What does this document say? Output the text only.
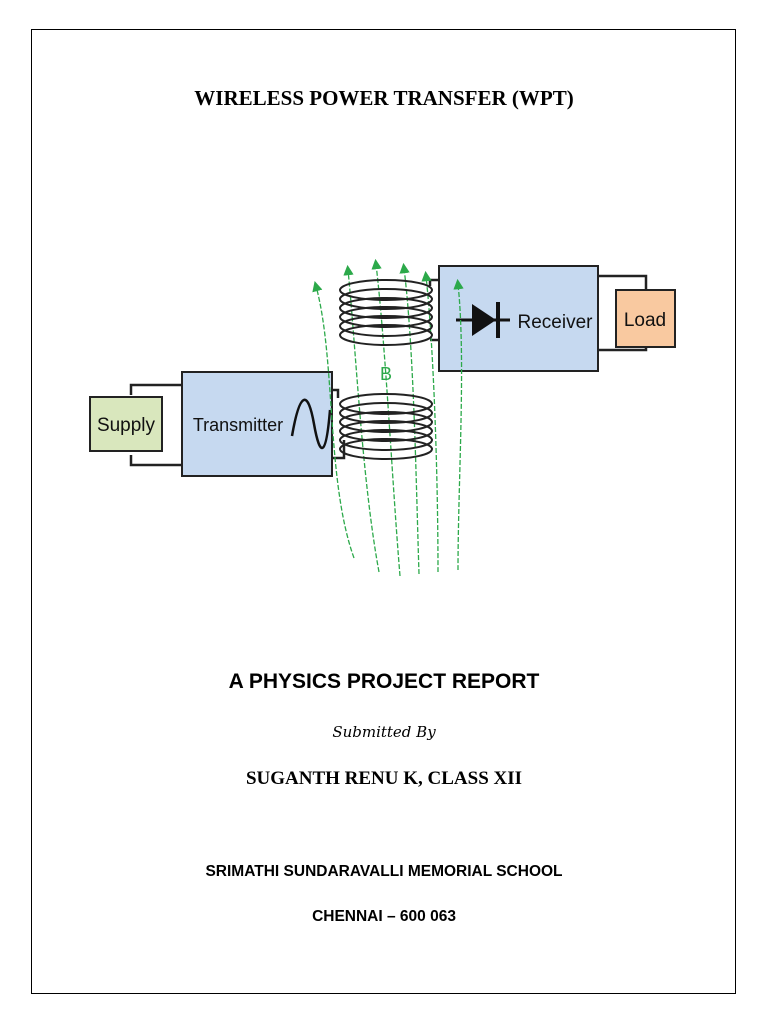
WIRELESS POWER TRANSFER (WPT)
Supply Transmitter
Receiver Load
B
A PHYSICS PROJECT REPORT
Submitted By
SUGANTH RENU K, CLASS XII
SRIMATHI SUNDARAVALLI MEMORIAL SCHOOL
CHENNAI – 600 063
